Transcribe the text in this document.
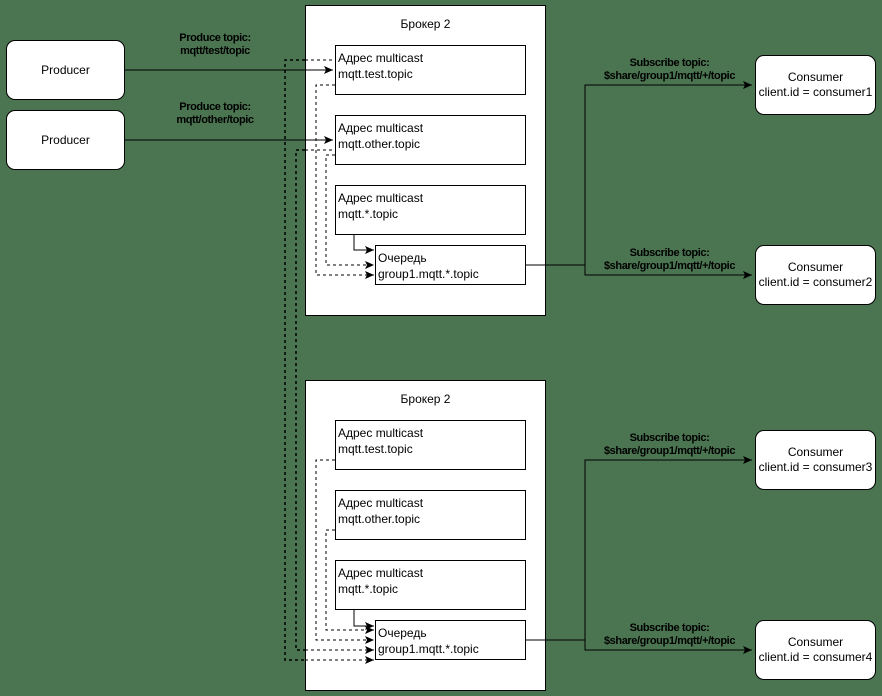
Producer
Producer
Produce topic:
mqtt/test/topic
Produce topic:
mqtt/other/topic
Брокер 2
Брокер 2
Адрес multicast
mqtt.test.topic
Адрес multicast
mqtt.other.topic
Адрес multicast
mqtt.*.topic
Очередь
group1.mqtt.*.topic
Адрес multicast
mqtt.test.topic
Адрес multicast
mqtt.other.topic
Адрес multicast
mqtt.*.topic
Очередь
group1.mqtt.*.topic
Subscribe topic:
$share/group1/mqtt/+/topic
Subscribe topic:
$share/group1/mqtt/+/topic
Subscribe topic:
$share/group1/mqtt/+/topic
Subscribe topic:
$share/group1/mqtt/+/topic
Consumer
client.id = consumer1
Consumer
client.id = consumer2
Consumer
client.id = consumer3
Consumer
client.id = consumer4
